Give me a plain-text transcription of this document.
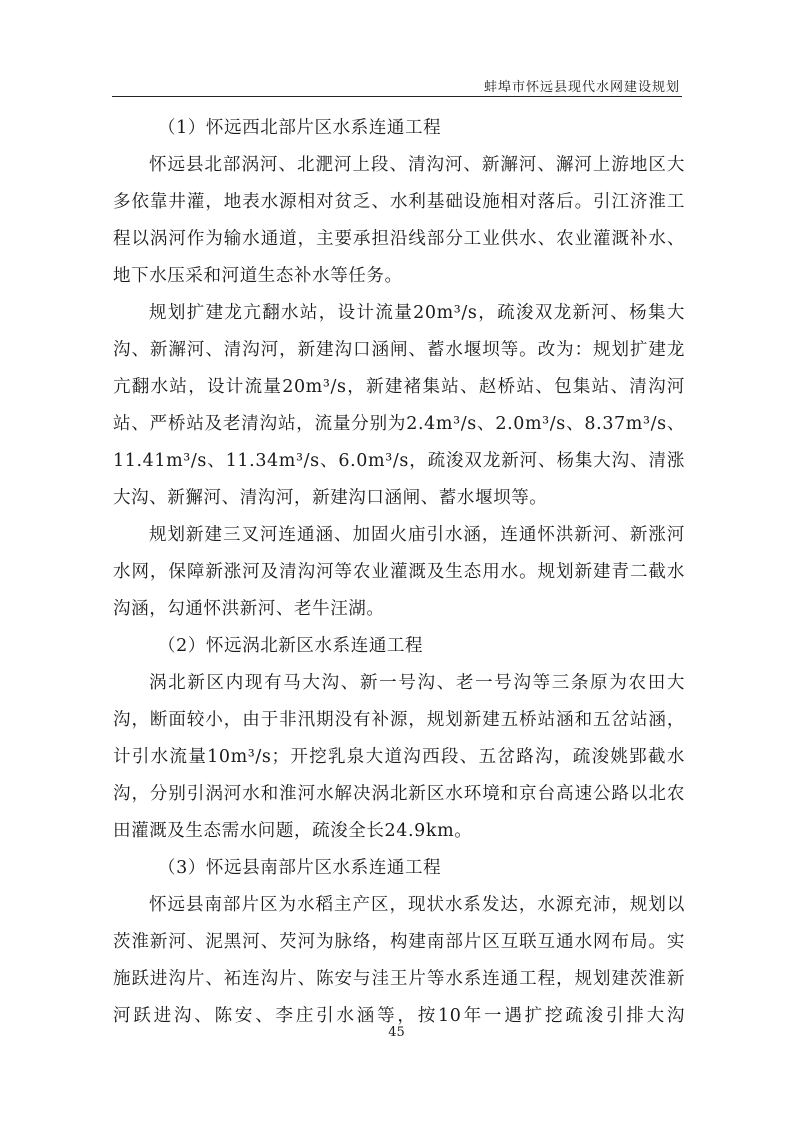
蚌埠市怀远县现代水网建设规划

（1）怀远西北部片区水系连通工程

怀远县北部涡河、北淝河上段、清沟河、新澥河、澥河上游地区大多依靠井灌，地表水源相对贫乏、水利基础设施相对落后。引江济淮工程以涡河作为输水通道，主要承担沿线部分工业供水、农业灌溉补水、地下水压采和河道生态补水等任务。

规划扩建龙亢翻水站，设计流量20m³/s，疏浚双龙新河、杨集大沟、新澥河、清沟河，新建沟口涵闸、蓄水堰坝等。改为：规划扩建龙亢翻水站，设计流量20m³/s，新建褚集站、赵桥站、包集站、清沟河站、严桥站及老清沟站，流量分别为2.4m³/s、2.0m³/s、8.37m³/s、11.41m³/s、11.34m³/s、6.0m³/s，疏浚双龙新河、杨集大沟、清涨大沟、新獬河、清沟河，新建沟口涵闸、蓄水堰坝等。

规划新建三叉河连通涵、加固火庙引水涵，连通怀洪新河、新涨河水网，保障新涨河及清沟河等农业灌溉及生态用水。规划新建青二截水沟涵，勾通怀洪新河、老牛汪湖。

（2）怀远涡北新区水系连通工程

涡北新区内现有马大沟、新一号沟、老一号沟等三条原为农田大沟，断面较小，由于非汛期没有补源，规划新建五桥站涵和五岔站涵，计引水流量10m³/s；开挖乳泉大道沟西段、五岔路沟，疏浚姚郢截水沟，分别引涡河水和淮河水解决涡北新区水环境和京台高速公路以北农田灌溉及生态需水问题，疏浚全长24.9km。

（3）怀远县南部片区水系连通工程

怀远县南部片区为水稻主产区，现状水系发达，水源充沛，规划以茨淮新河、泥黑河、芡河为脉络，构建南部片区互联互通水网布局。实施跃进沟片、袥连沟片、陈安与洼王片等水系连通工程，规划建茨淮新河跃进沟、陈安、李庄引水涵等，按10年一遇扩挖疏浚引排大沟

45
